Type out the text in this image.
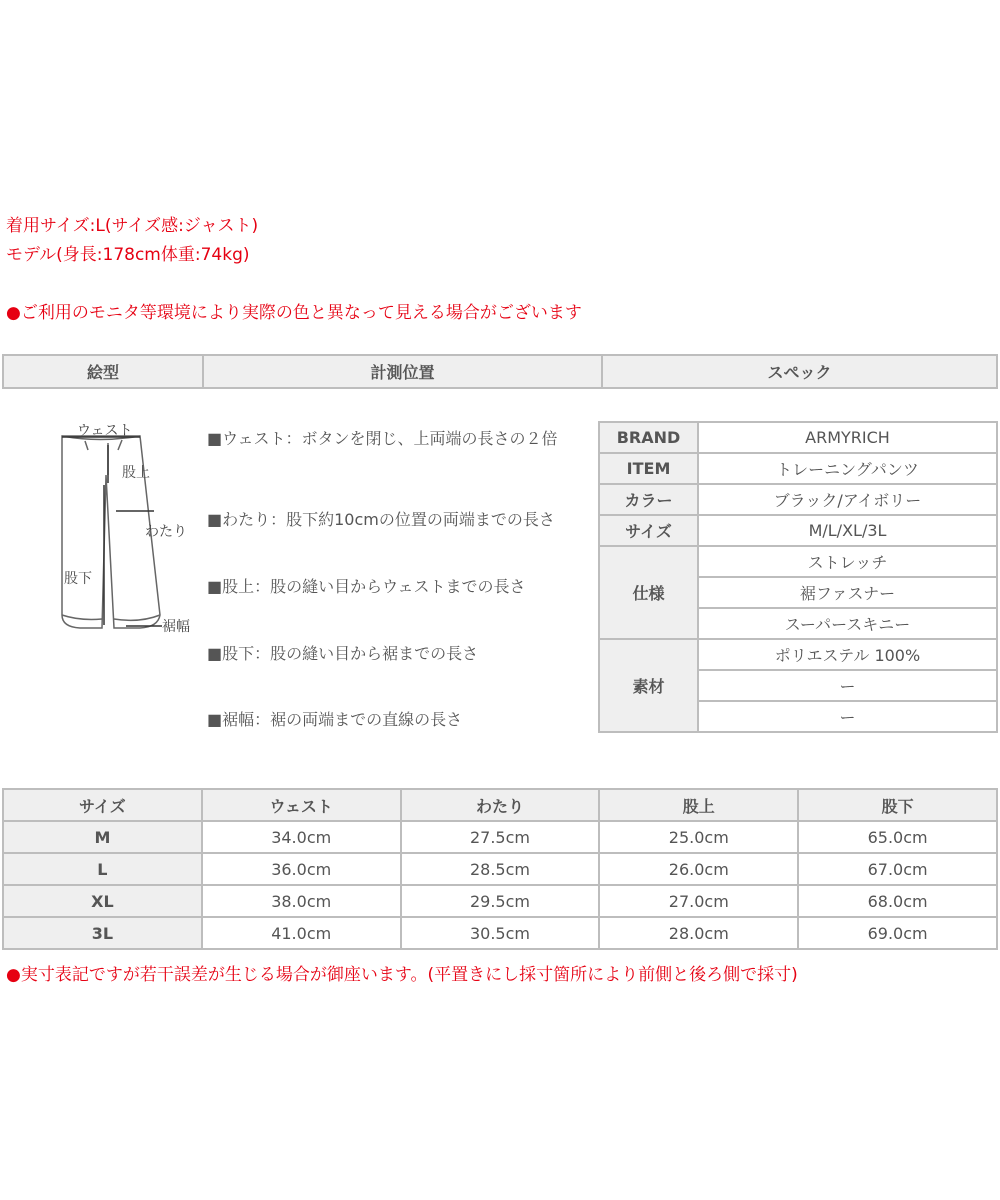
着用サイズ:L(サイズ感:ジャスト)
モデル(身長:178cm体重:74kg)
●ご利用のモニタ等環境により実際の色と異なって見える場合がございます
絵型	計測位置	スペック
ウェスト
股上
わたり
股下
裾幅
■ウェスト：ボタンを閉じ、上両端の長さの２倍
■わたり：股下約10cmの位置の両端までの長さ
■股上：股の縫い目からウェストまでの長さ
■股下：股の縫い目から裾までの長さ
■裾幅：裾の両端までの直線の長さ
BRAND	ARMYRICH
ITEM	トレーニングパンツ
カラー	ブラック/アイボリー
サイズ	M/L/XL/3L
仕様	ストレッチ
	裾ファスナー
	スーパースキニー
素材	ポリエステル 100%
	ー
	ー
サイズ	ウェスト	わたり	股上	股下
M	34.0cm	27.5cm	25.0cm	65.0cm
L	36.0cm	28.5cm	26.0cm	67.0cm
XL	38.0cm	29.5cm	27.0cm	68.0cm
3L	41.0cm	30.5cm	28.0cm	69.0cm
●実寸表記ですが若干誤差が生じる場合が御座います。(平置きにし採寸箇所により前側と後ろ側で採寸)
